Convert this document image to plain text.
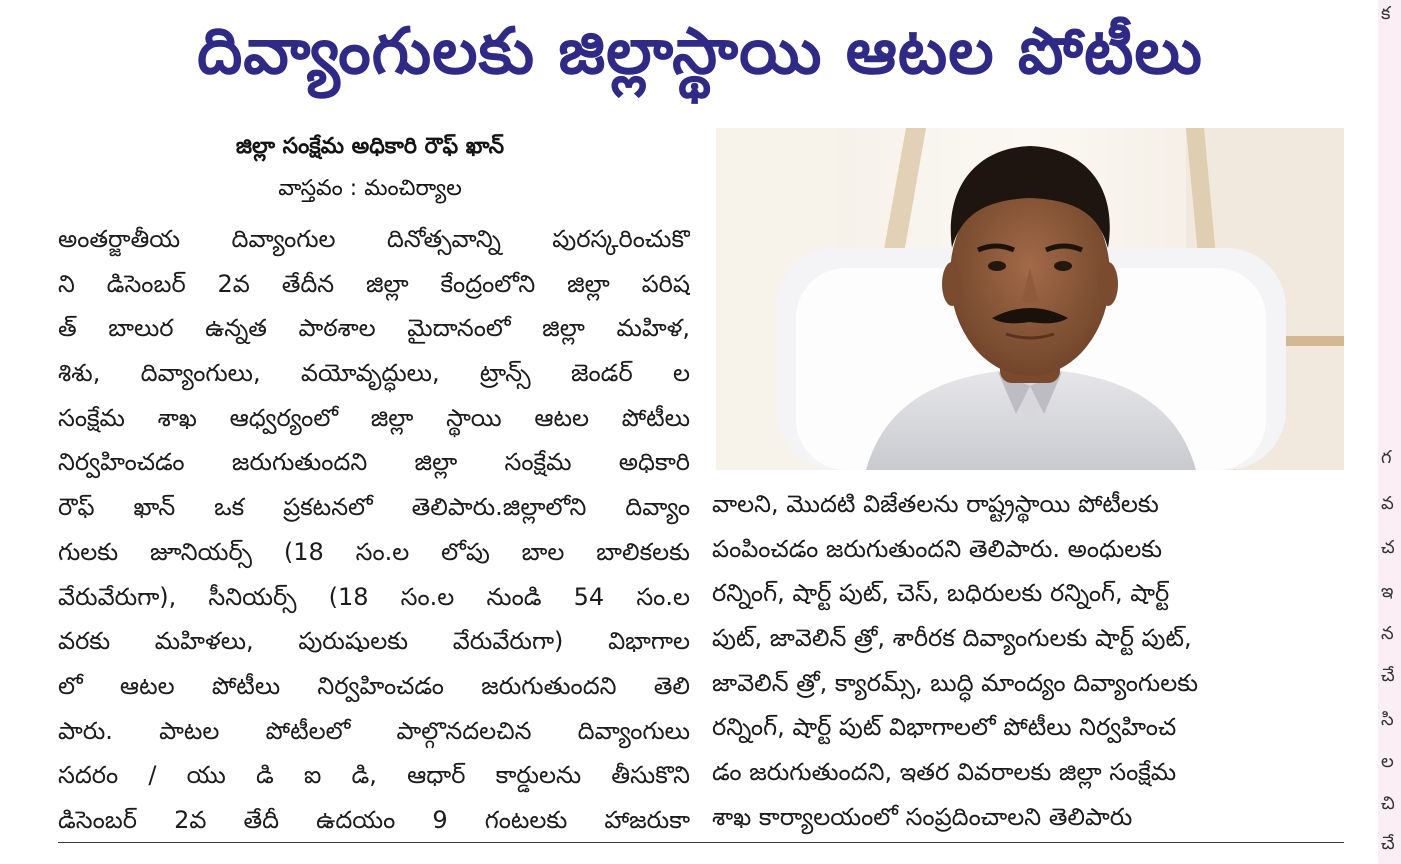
క
గ
వ
చ
ఇ
న
చే
సి
ల
చి
చే
దివ్యాంగులకు జిల్లాస్థాయి ఆటల పోటీలు
జిల్లా సంక్షేమ అధికారి రౌఫ్ ఖాన్
వాస్తవం : మంచిర్యాల
అంతర్జాతీయ దివ్యాంగుల దినోత్సవాన్ని పురస్కరించుకొ
ని డిసెంబర్ 2వ తేదీన జిల్లా కేంద్రంలోని జిల్లా పరిష
త్ బాలుర ఉన్నత పాఠశాల మైదానంలో జిల్లా మహిళ,
శిశు, దివ్యాంగులు, వయోవృద్ధులు, ట్రాన్స్ జెండర్ ల
సంక్షేమ శాఖ ఆధ్వర్యంలో జిల్లా స్థాయి ఆటల పోటీలు
నిర్వహించడం జరుగుతుందని జిల్లా సంక్షేమ అధికారి
రౌఫ్ ఖాన్ ఒక ప్రకటనలో తెలిపారు.జిల్లాలోని దివ్యాం
గులకు జూనియర్స్ (18 సం.ల లోపు బాల బాలికలకు
వేరువేరుగా), సీనియర్స్ (18 సం.ల నుండి 54 సం.ల
వరకు మహిళలు, పురుషులకు వేరువేరుగా) విభాగాల
లో ఆటల పోటీలు నిర్వహించడం జరుగుతుందని తెలి
పారు. పాటల పోటీలలో పాల్గొనదలచిన దివ్యాంగులు
సదరం / యు డి ఐ డి, ఆధార్ కార్డులను తీసుకొని
డిసెంబర్ 2వ తేదీ ఉదయం 9 గంటలకు హాజరుకా
వాలని, మొదటి విజేతలను రాష్ట్రస్థాయి పోటీలకు
పంపించడం జరుగుతుందని తెలిపారు. అంధులకు
రన్నింగ్, షార్ట్ పుట్, చెస్, బధిరులకు రన్నింగ్, షార్ట్
పుట్, జావెలిన్ త్రో, శారీరక దివ్యాంగులకు షార్ట్ పుట్,
జావెలిన్ త్రో, క్యారమ్స్, బుద్ధి మాంద్యం దివ్యాంగులకు
రన్నింగ్, షార్ట్ పుట్ విభాగాలలో పోటీలు నిర్వహించ
డం జరుగుతుందని, ఇతర వివరాలకు జిల్లా సంక్షేమ
శాఖ కార్యాలయంలో సంప్రదించాలని తెలిపారు
